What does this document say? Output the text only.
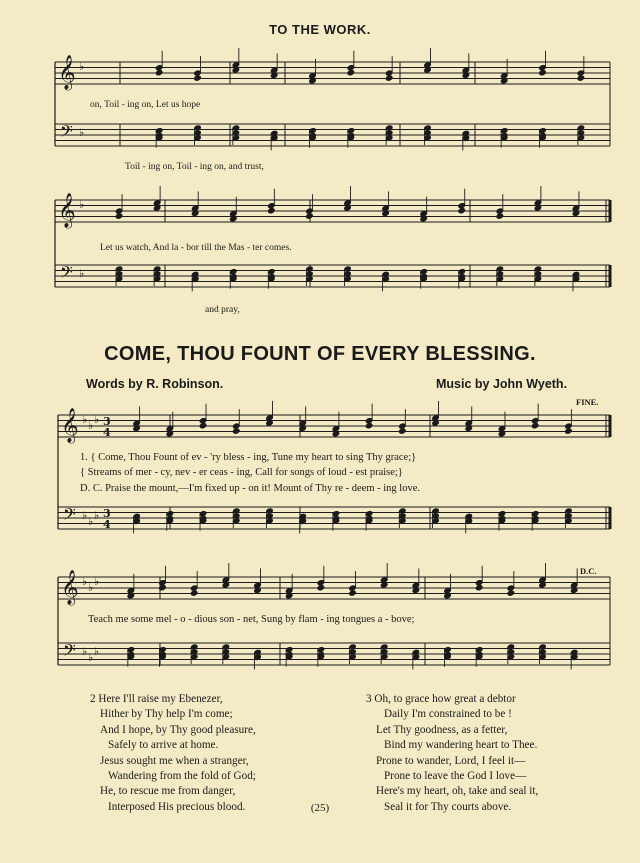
𝄞
𝄢
♭
♭
𝄞
𝄢
♭
♭
𝄞
𝄢
♭ ♭ ♭
♭ ♭ ♭
3
4
3
4
𝄞
𝄢
♭ ♭ ♭
♭ ♭ ♭
TO THE WORK.
on, Toil - ing on, Let us hope
Toil - ing on, Toil - ing on, and trust,
Let us watch, And la - bor till the Mas - ter comes.
and pray,
COME, THOU FOUNT OF EVERY BLESSING.
Words by R. Robinson.	Music by John Wyeth.
FINE.
D.C.
1. { Come, Thou Fount of ev - 'ry bless - ing, Tune my heart to sing Thy grace;}
{ Streams of mer - cy, nev - er ceas - ing, Call for songs of loud - est praise;}
D. C. Praise the mount,—I'm fixed up - on it! Mount of Thy re - deem - ing love.
Teach me some mel - o - dious son - net, Sung by flam - ing tongues a - bove;
2 Here I'll raise my Ebenezer,
Hither by Thy help I'm come;
And I hope, by Thy good pleasure,
Safely to arrive at home.
Jesus sought me when a stranger,
Wandering from the fold of God;
He, to rescue me from danger,
Interposed His precious blood.
3 Oh, to grace how great a debtor
Daily I'm constrained to be !
Let Thy goodness, as a fetter,
Bind my wandering heart to Thee.
Prone to wander, Lord, I feel it—
Prone to leave the God I love—
Here's my heart, oh, take and seal it,
Seal it for Thy courts above.
(25)
